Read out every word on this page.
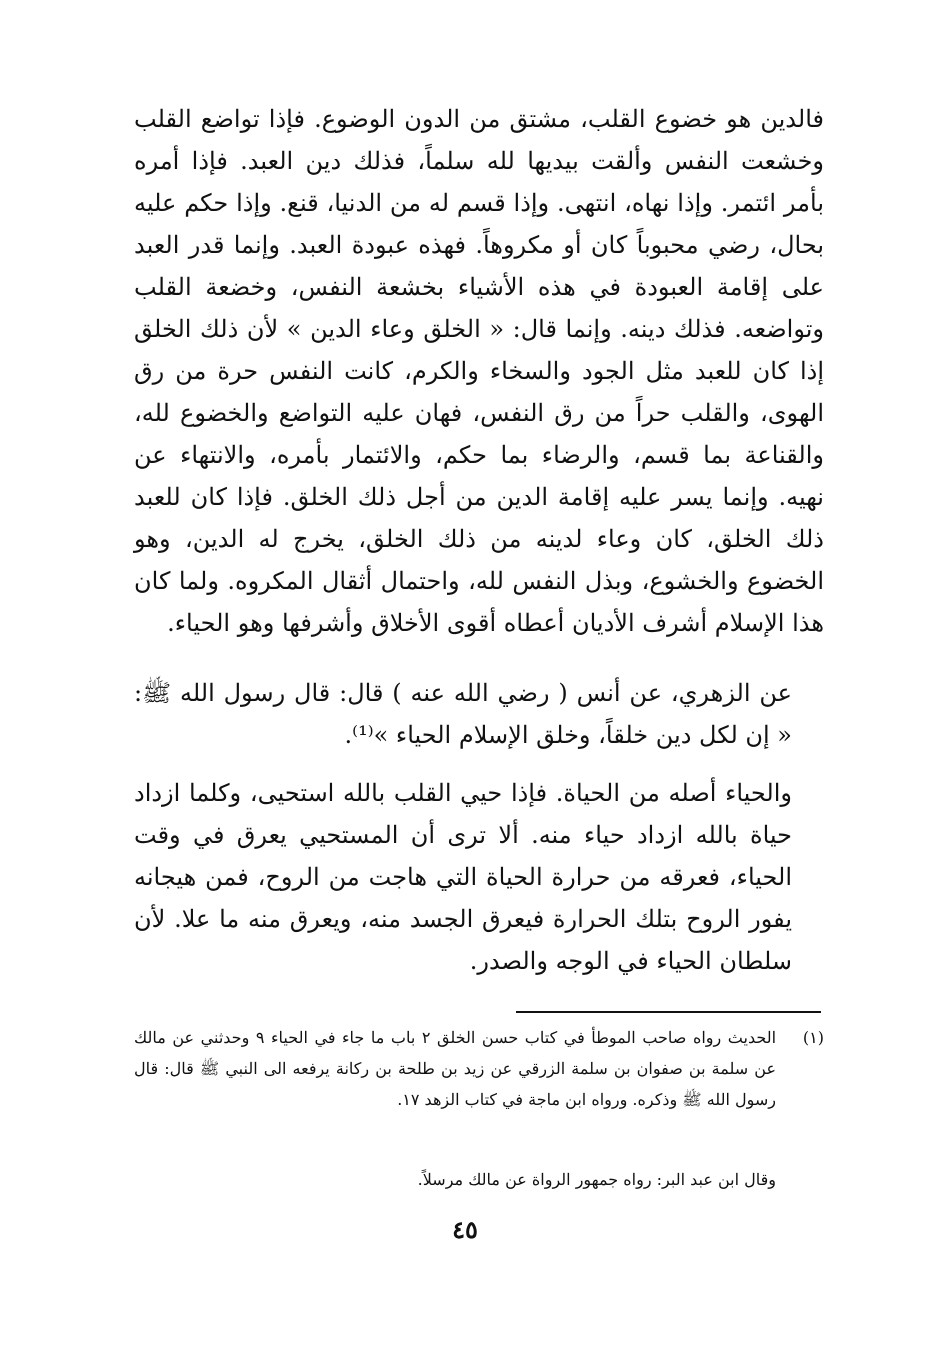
فالدين هو خضوع القلب، مشتق من الدون الوضوع. فإذا تواضع القلب وخشعت النفس وألقت بيديها لله سلماً، فذلك دين العبد. فإذا أمره بأمر ائتمر. وإذا نهاه، انتهى. وإذا قسم له من الدنيا، قنع. وإذا حكم عليه بحال، رضي محبوباً كان أو مكروهاً. فهذه عبودة العبد. وإنما قدر العبد على إقامة العبودة في هذه الأشياء بخشعة النفس، وخضعة القلب وتواضعه. فذلك دينه. وإنما قال: « الخلق وعاء الدين » لأن ذلك الخلق إذا كان للعبد مثل الجود والسخاء والكرم، كانت النفس حرة من رق الهوى، والقلب حراً من رق النفس، فهان عليه التواضع والخضوع لله، والقناعة بما قسم، والرضاء بما حكم، والائتمار بأمره، والانتهاء عن نهيه. وإنما يسر عليه إقامة الدين من أجل ذلك الخلق. فإذا كان للعبد ذلك الخلق، كان وعاء لدينه من ذلك الخلق، يخرج له الدين، وهو الخضوع والخشوع، وبذل النفس لله، واحتمال أثقال المكروه. ولما كان هذا الإسلام أشرف الأديان أعطاه أقوى الأخلاق وأشرفها وهو الحياء.

عن الزهري، عن أنس ( رضي الله عنه ) قال: قال رسول الله ﷺ: « إن لكل دين خلقاً، وخلق الإسلام الحياء »⁽¹⁾.

والحياء أصله من الحياة. فإذا حيي القلب بالله استحيى، وكلما ازداد حياة بالله ازداد حياء منه. ألا ترى أن المستحيي يعرق في وقت الحياء، فعرقه من حرارة الحياة التي هاجت من الروح، فمن هيجانه يفور الروح بتلك الحرارة فيعرق الجسد منه، ويعرق منه ما علا. لأن سلطان الحياء في الوجه والصدر.

(١)
الحديث رواه صاحب الموطأ في كتاب حسن الخلق ٢ باب ما جاء في الحياء ٩ وحدثني عن مالك عن سلمة بن صفوان بن سلمة الزرقي عن زيد بن طلحة بن ركانة يرفعه الى النبي ﷺ قال: قال رسول الله ﷺ وذكره. ورواه ابن ماجة في كتاب الزهد ١٧.

وقال ابن عبد البر: رواه جمهور الرواة عن مالك مرسلاً.

٤٥
